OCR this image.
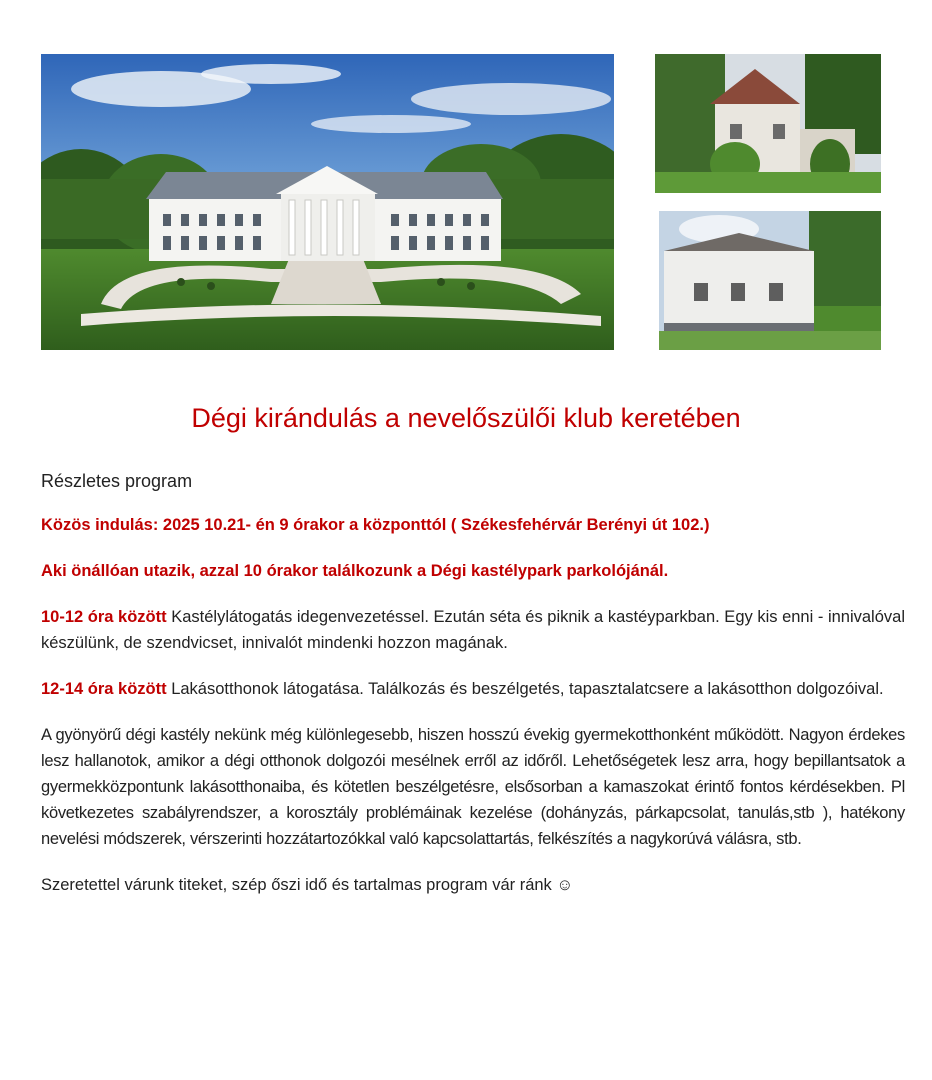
Dégi kirándulás a nevelőszülői klub keretében

Részletes program

Közös indulás: 2025 10.21- én 9 órakor a központtól ( Székesfehérvár Berényi út 102.)

Aki önállóan utazik, azzal 10 órakor találkozunk a Dégi kastélypark parkolójánál.

10-12 óra között Kastélylátogatás idegenvezetéssel. Ezután séta és piknik a kastéyparkban. Egy kis enni - innivalóval készülünk, de szendvicset, innivalót mindenki hozzon magának.

12-14 óra között Lakásotthonok látogatása. Találkozás és beszélgetés, tapasztalatcsere a lakásotthon dolgozóival.

A gyönyörű dégi kastély nekünk még különlegesebb, hiszen hosszú évekig gyermekotthonként működött. Nagyon érdekes lesz hallanotok, amikor a dégi otthonok dolgozói mesélnek erről az időről. Lehetőségetek lesz arra, hogy bepillantsatok a gyermekközpontunk lakásotthonaiba, és kötetlen beszélgetésre, elsősorban a kamaszokat érintő fontos kérdésekben. Pl következetes szabályrendszer, a korosztály problémáinak kezelése (dohányzás, párkapcsolat, tanulás,stb ), hatékony nevelési módszerek, vérszerinti hozzátartozókkal való kapcsolattartás, felkészítés a nagykorúvá válásra, stb.

Szeretettel várunk titeket, szép őszi idő és tartalmas program vár ránk ☺
